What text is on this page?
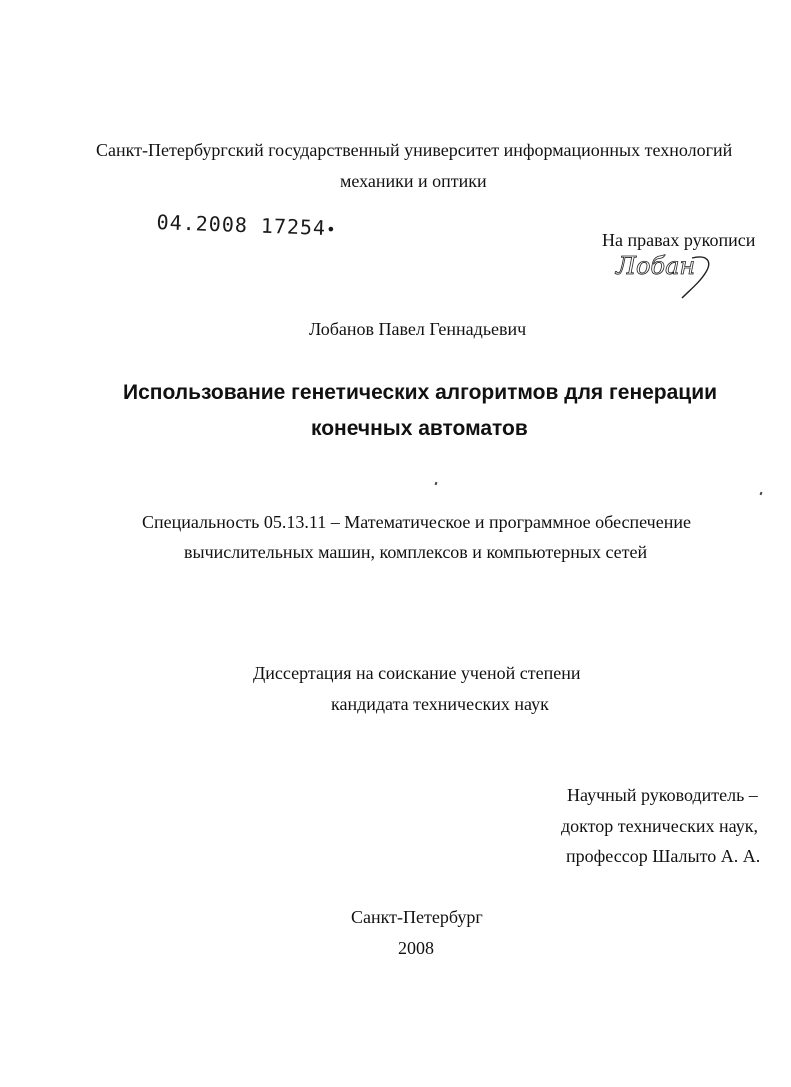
Санкт-Петербургский государственный университет информационных технологий
механики и оптики
04.2008 17254•
На правах рукописи
Лобан
Лобанов Павел Геннадьевич
Использование генетических алгоритмов для генерации
конечных автоматов
Специальность 05.13.11 – Математическое и программное обеспечение
вычислительных машин, комплексов и компьютерных сетей
Диссертация на соискание ученой степени
кандидата технических наук
Научный руководитель –
доктор технических наук,
профессор Шалыто А. А.
Санкт-Петербург
2008
